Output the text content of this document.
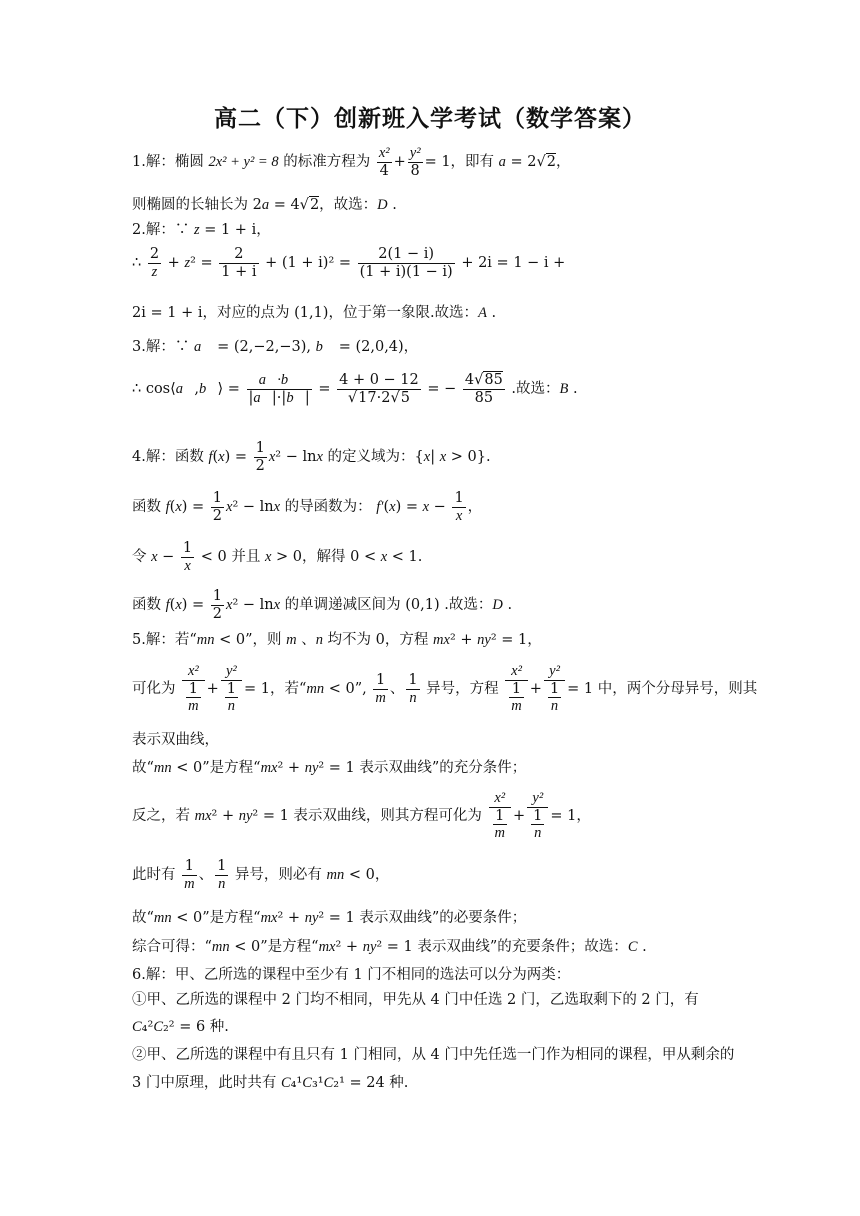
高二（下）创新班入学考试（数学答案）
1.解：椭圆 2x² + y² = 8 的标准方程为 $\frac{\text{x²}}{4} + \frac{\text{y²}}{8} = 1$，即有 a = 2√2，
则椭圆的长轴长为 2a = 4√2，故选：D .
2.解：∵ z = 1 + i，
∴ $\frac{2}{z} + z^2 = \frac{2}{1 + i} + (1 + i)^2 = \frac{2(1 - i)}{(1 + i)(1 - i)} + 2i = 1 - i$ +
2i = 1 + i，对应的点为 (1,1)，位于第一象限.故选：A .
3.解：∵ a⃗ = (2,−2,−3), b⃗ = (2,0,4)，
∴ cos⟨a⃗,b⃗⟩ = $\frac{a⃗\cdot b⃗}{|a⃗|\cdot|b⃗|} = \frac{4 + 0 - 12}{√17\cdot 2√5}$ = − $\frac{4√85}{85}$ .故选：B .
4.解：函数 $f(x) = \frac{1}{2} x^2 - \ln x$ 的定义域为：{x| x > 0}.
函数 $f(x) = \frac{1}{2} x^2 - \ln x$ 的导函数为： $f'(x) = x - \frac{1}{x}$ ，
令 $x - \frac{1}{x} < 0$ 并且 x > 0，解得 0 < x < 1.
函数 $f(x) = \frac{1}{2} x^2 - \ln x$ 的单调递减区间为 (0,1) .故选：D .
5.解：若“mn < 0”，则 m 、n 均不为 0，方程 mx² + ny² = 1，
可化为 $\frac{\text{x²}}{\frac{1}{m}} + \frac{\text{y²}}{\frac{1}{n}} = 1$，若“mn < 0”, $\frac{1}{m}$ 、 $\frac{1}{n}$ 异号，方程 $\frac{\text{x²}}{\frac{1}{m}} + \frac{\text{y²}}{\frac{1}{n}} = 1$ 中，两个分母异号，则其
表示双曲线，
故“mn < 0”是方程“mx² + ny² = 1 表示双曲线”的充分条件；
反之，若 mx² + ny² = 1 表示双曲线，则其方程可化为 $\frac{\text{x²}}{\frac{1}{m}} + \frac{\text{y²}}{\frac{1}{n}} = 1$，
此时有 $\frac{1}{m}$ 、 $\frac{1}{n}$ 异号，则必有 mn < 0，
故“mn < 0”是方程“mx² + ny² = 1 表示双曲线”的必要条件；
综合可得：“mn < 0”是方程“mx² + ny² = 1 表示双曲线”的充要条件；故选：C .
6.解：甲、乙所选的课程中至少有 1 门不相同的选法可以分为两类：
①甲、乙所选的课程中 2 门均不相同，甲先从 4 门中任选 2 门，乙选取剩下的 2 门，有
C₄²C₂² = 6 种.
②甲、乙所选的课程中有且只有 1 门相同，从 4 门中先任选一门作为相同的课程，甲从剩余的
3 门中原理，此时共有 C₄¹C₃¹C₂¹ = 24 种.
